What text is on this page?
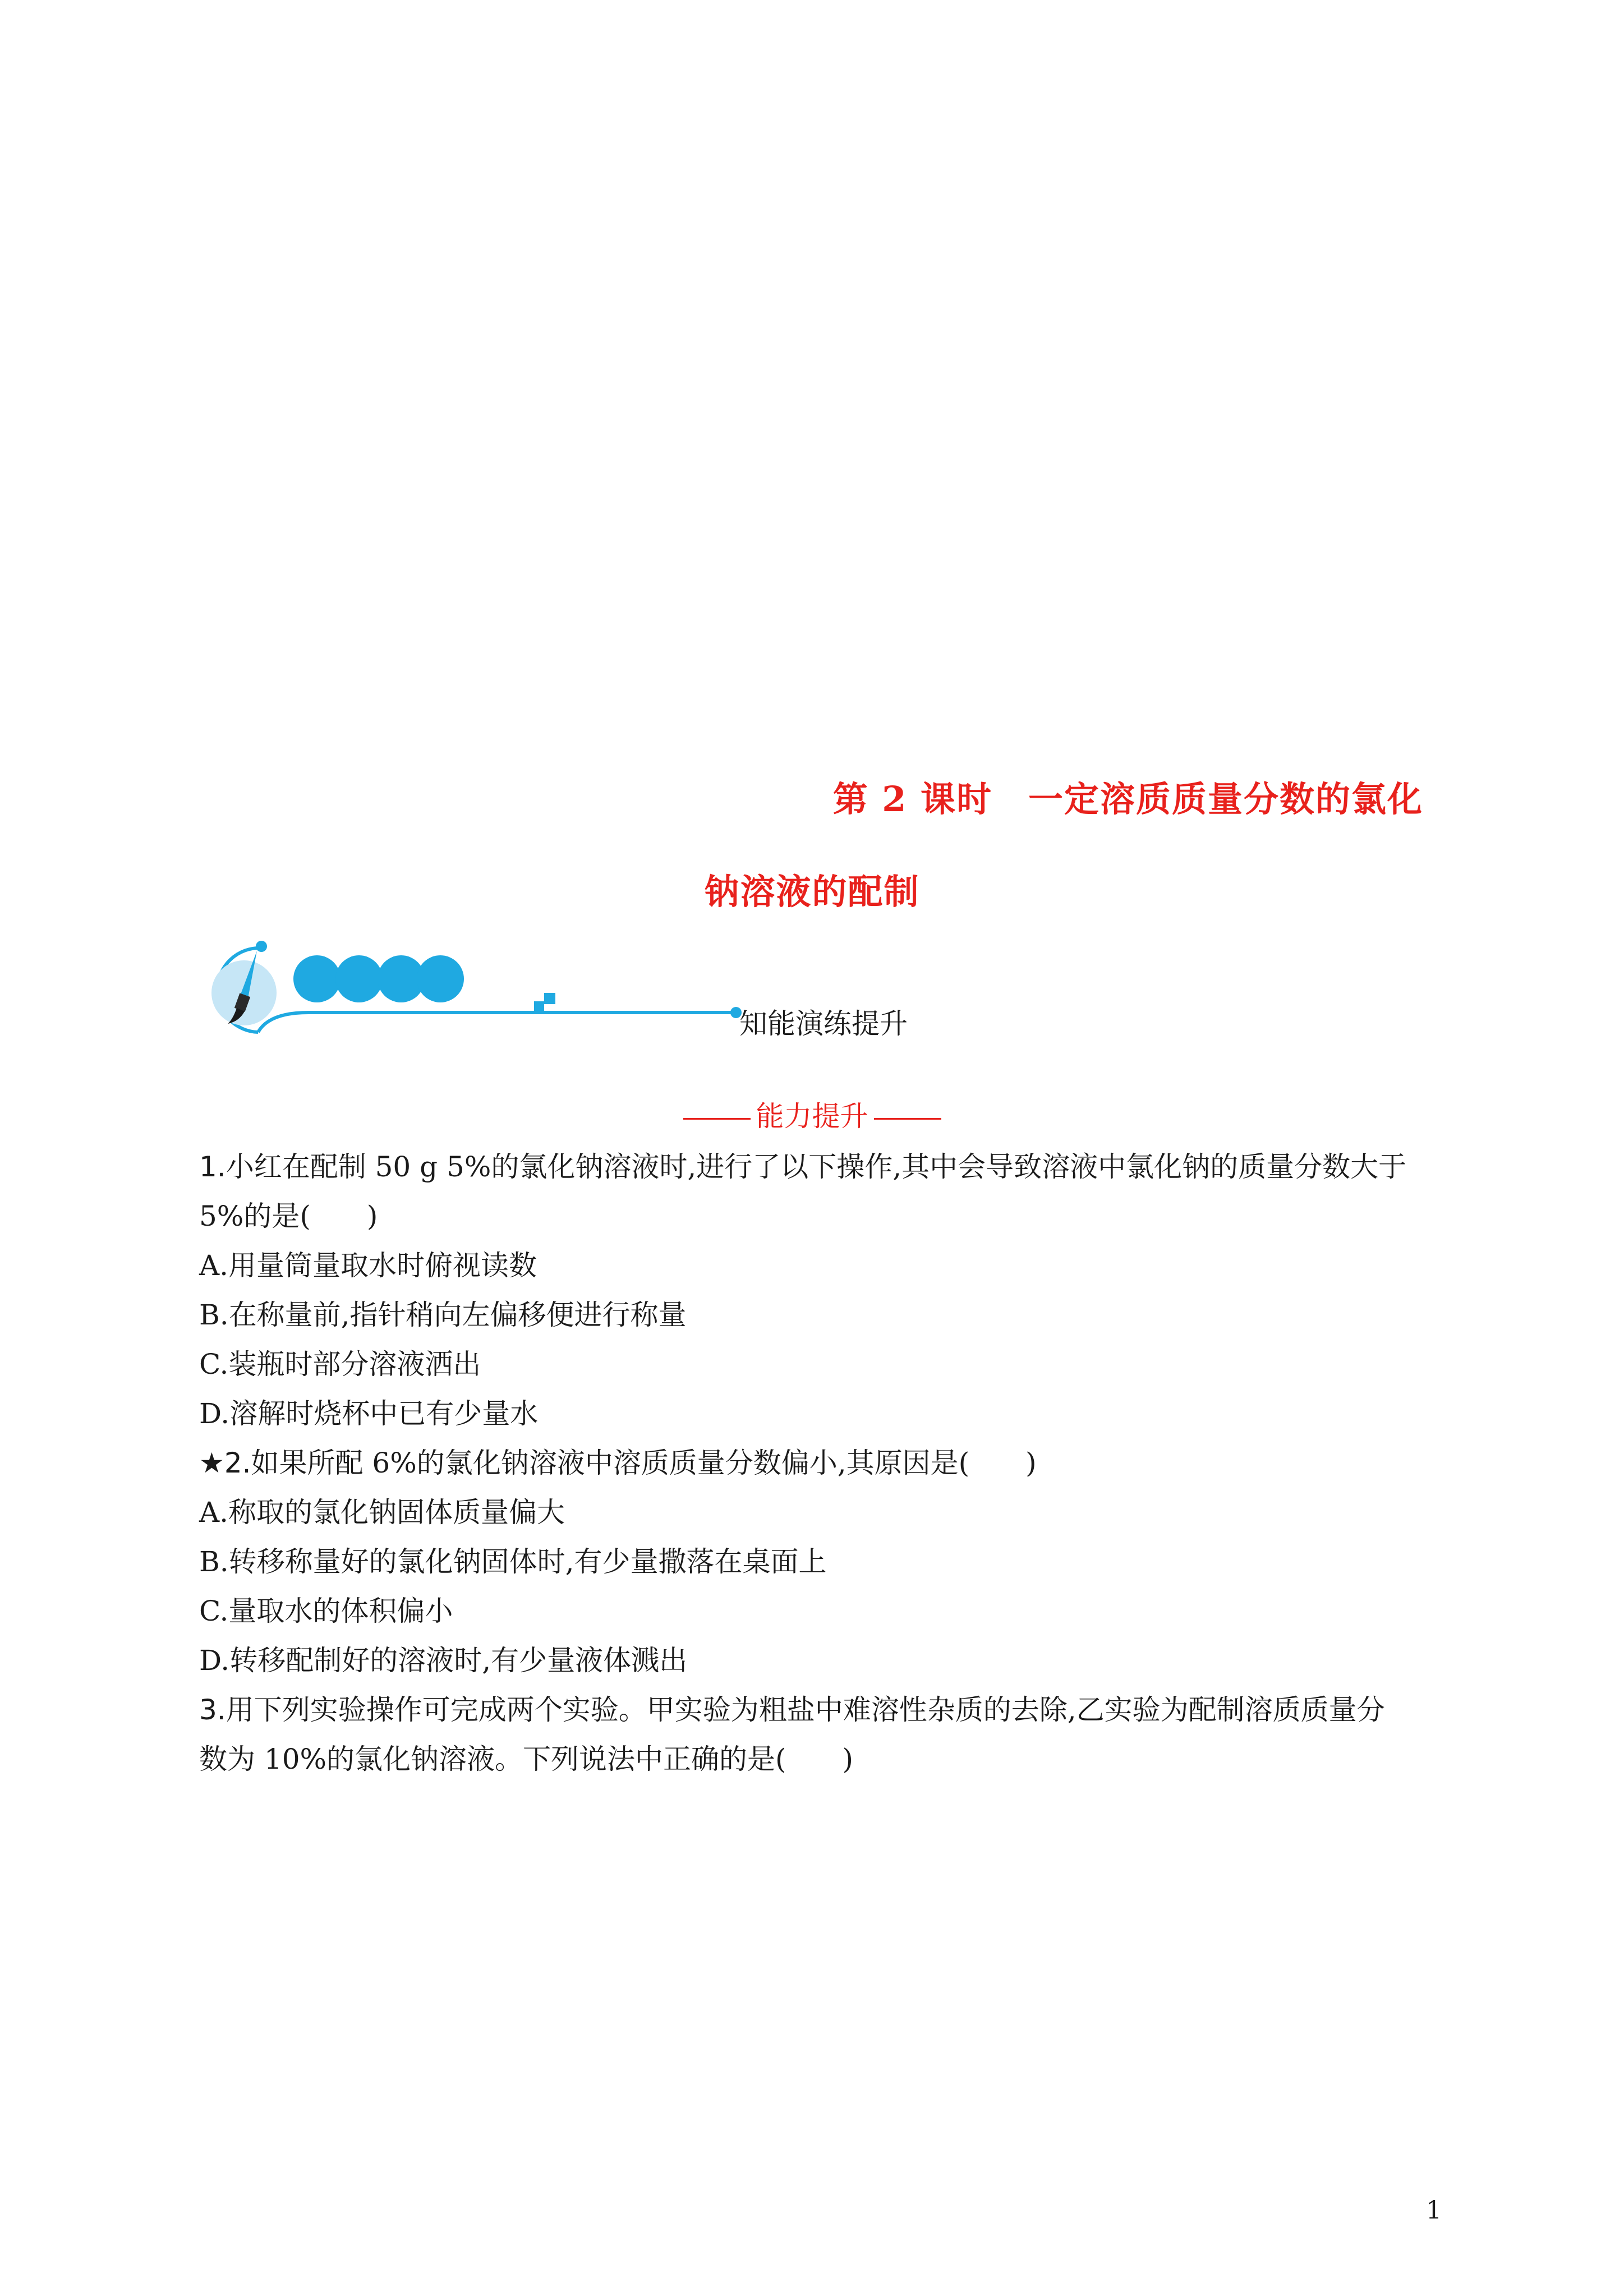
第 2 课时　一定溶质质量分数的氯化
钠溶液的配制
知能演练提升
能力提升
1.小红在配制 50 g 5%的氯化钠溶液时,进行了以下操作,其中会导致溶液中氯化钠的质量分数大于
5%的是(　　)
A.用量筒量取水时俯视读数
B.在称量前,指针稍向左偏移便进行称量
C.装瓶时部分溶液洒出
D.溶解时烧杯中已有少量水
★2.如果所配 6%的氯化钠溶液中溶质质量分数偏小,其原因是(　　)
A.称取的氯化钠固体质量偏大
B.转移称量好的氯化钠固体时,有少量撒落在桌面上
C.量取水的体积偏小
D.转移配制好的溶液时,有少量液体溅出
3.用下列实验操作可完成两个实验。甲实验为粗盐中难溶性杂质的去除,乙实验为配制溶质质量分
数为 10%的氯化钠溶液。下列说法中正确的是(　　)
1
